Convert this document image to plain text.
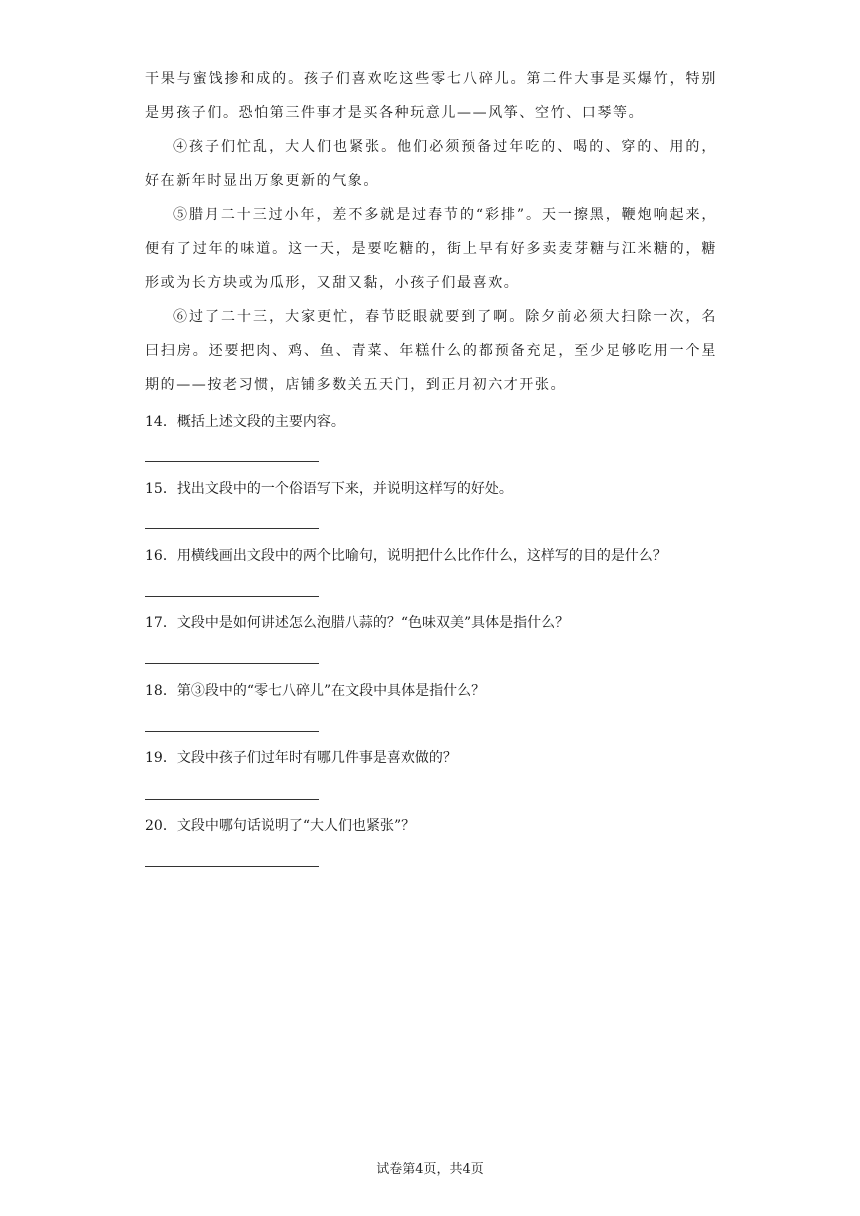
干果与蜜饯掺和成的。孩子们喜欢吃这些零七八碎儿。第二件大事是买爆竹，特别是男孩子们。恐怕第三件事才是买各种玩意儿——风筝、空竹、口琴等。

④孩子们忙乱，大人们也紧张。他们必须预备过年吃的、喝的、穿的、用的，好在新年时显出万象更新的气象。

⑤腊月二十三过小年，差不多就是过春节的“彩排”。天一擦黑，鞭炮响起来，便有了过年的味道。这一天，是要吃糖的，街上早有好多卖麦芽糖与江米糖的，糖形或为长方块或为瓜形，又甜又黏，小孩子们最喜欢。

⑥过了二十三，大家更忙，春节眨眼就要到了啊。除夕前必须大扫除一次，名曰扫房。还要把肉、鸡、鱼、青菜、年糕什么的都预备充足，至少足够吃用一个星期的——按老习惯，店铺多数关五天门，到正月初六才开张。

14．概括上述文段的主要内容。
15．找出文段中的一个俗语写下来，并说明这样写的好处。
16．用横线画出文段中的两个比喻句，说明把什么比作什么，这样写的目的是什么？
17．文段中是如何讲述怎么泡腊八蒜的？“色味双美”具体是指什么？
18．第③段中的“零七八碎儿”在文段中具体是指什么？
19．文段中孩子们过年时有哪几件事是喜欢做的？
20．文段中哪句话说明了“大人们也紧张”？
试卷第4页，共4页
